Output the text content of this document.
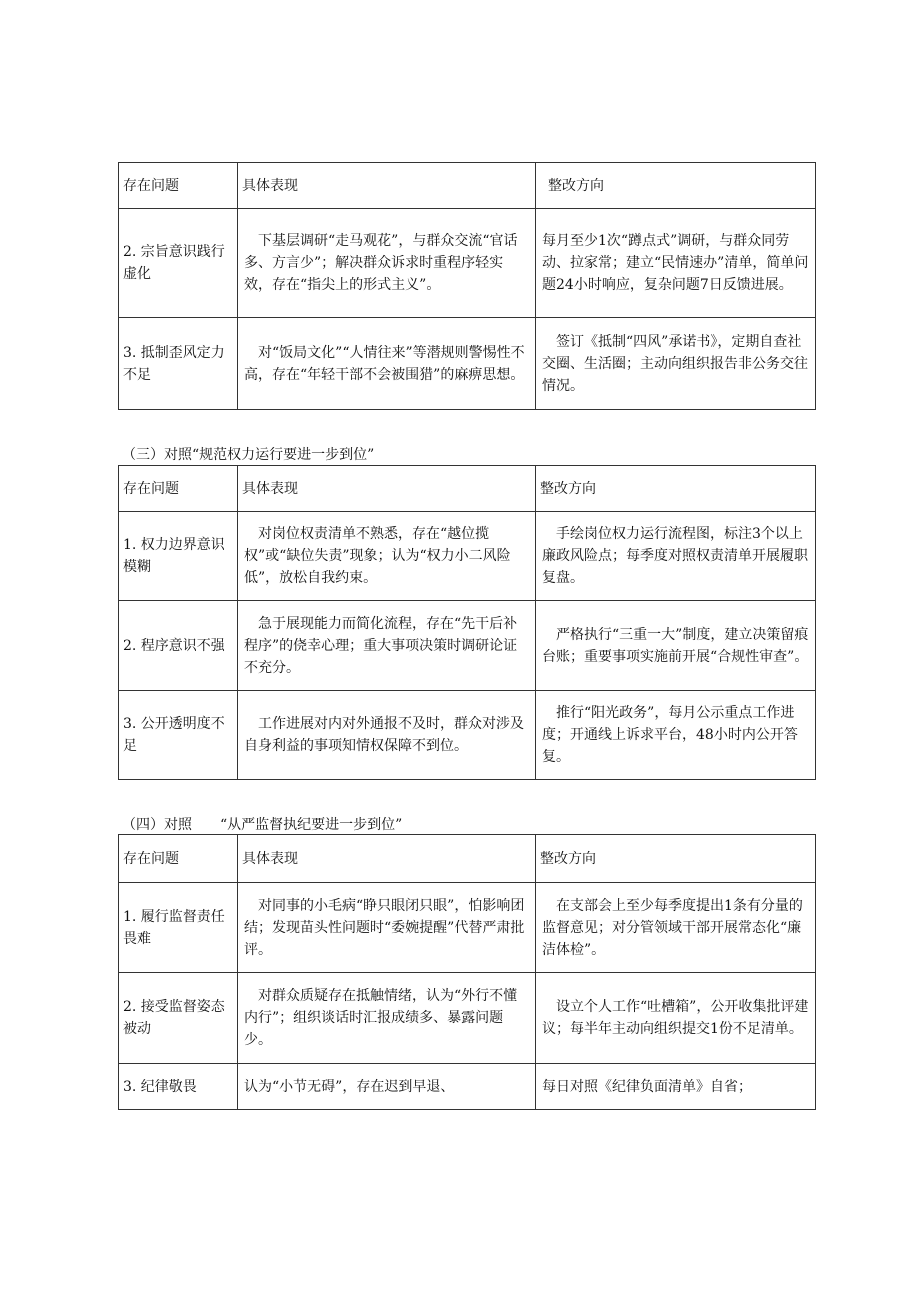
存在问题	具体表现	整改方向
2. 宗旨意识践行虚化	下基层调研“走马观花”，与群众交流“官话多、方言少”；解决群众诉求时重程序轻实效，存在“指尖上的形式主义”。	每月至少1次“蹲点式”调研，与群众同劳动、拉家常；建立“民情速办”清单，简单问题24小时响应，复杂问题7日反馈进展。
3. 抵制歪风定力不足	对“饭局文化”“人情往来”等潜规则警惕性不高，存在“年轻干部不会被围猎”的麻痹思想。	签订《抵制“四风”承诺书》，定期自查社交圈、生活圈；主动向组织报告非公务交往情况。
（三）对照“规范权力运行要进一步到位”
存在问题	具体表现	整改方向
1. 权力边界意识模糊	对岗位权责清单不熟悉，存在“越位揽权”或“缺位失责”现象；认为“权力小二风险低”，放松自我约束。	手绘岗位权力运行流程图，标注3个以上廉政风险点；每季度对照权责清单开展履职复盘。
2. 程序意识不强	急于展现能力而简化流程，存在“先干后补程序”的侥幸心理；重大事项决策时调研论证不充分。	严格执行“三重一大”制度，建立决策留痕台账；重要事项实施前开展“合规性审查”。
3. 公开透明度不足	工作进展对内对外通报不及时，群众对涉及自身利益的事项知情权保障不到位。	推行“阳光政务”，每月公示重点工作进度；开通线上诉求平台，48小时内公开答复。
（四）对照　　“从严监督执纪要进一步到位”
存在问题	具体表现	整改方向
1. 履行监督责任畏难	对同事的小毛病“睁只眼闭只眼”，怕影响团结；发现苗头性问题时“委婉提醒”代替严肃批评。	在支部会上至少每季度提出1条有分量的监督意见；对分管领域干部开展常态化“廉洁体检”。
2. 接受监督姿态被动	对群众质疑存在抵触情绪，认为“外行不懂内行”；组织谈话时汇报成绩多、暴露问题少。	设立个人工作“吐槽箱”，公开收集批评建议；每半年主动向组织提交1份不足清单。
3. 纪律敬畏	认为“小节无碍”，存在迟到早退、	每日对照《纪律负面清单》自省；
